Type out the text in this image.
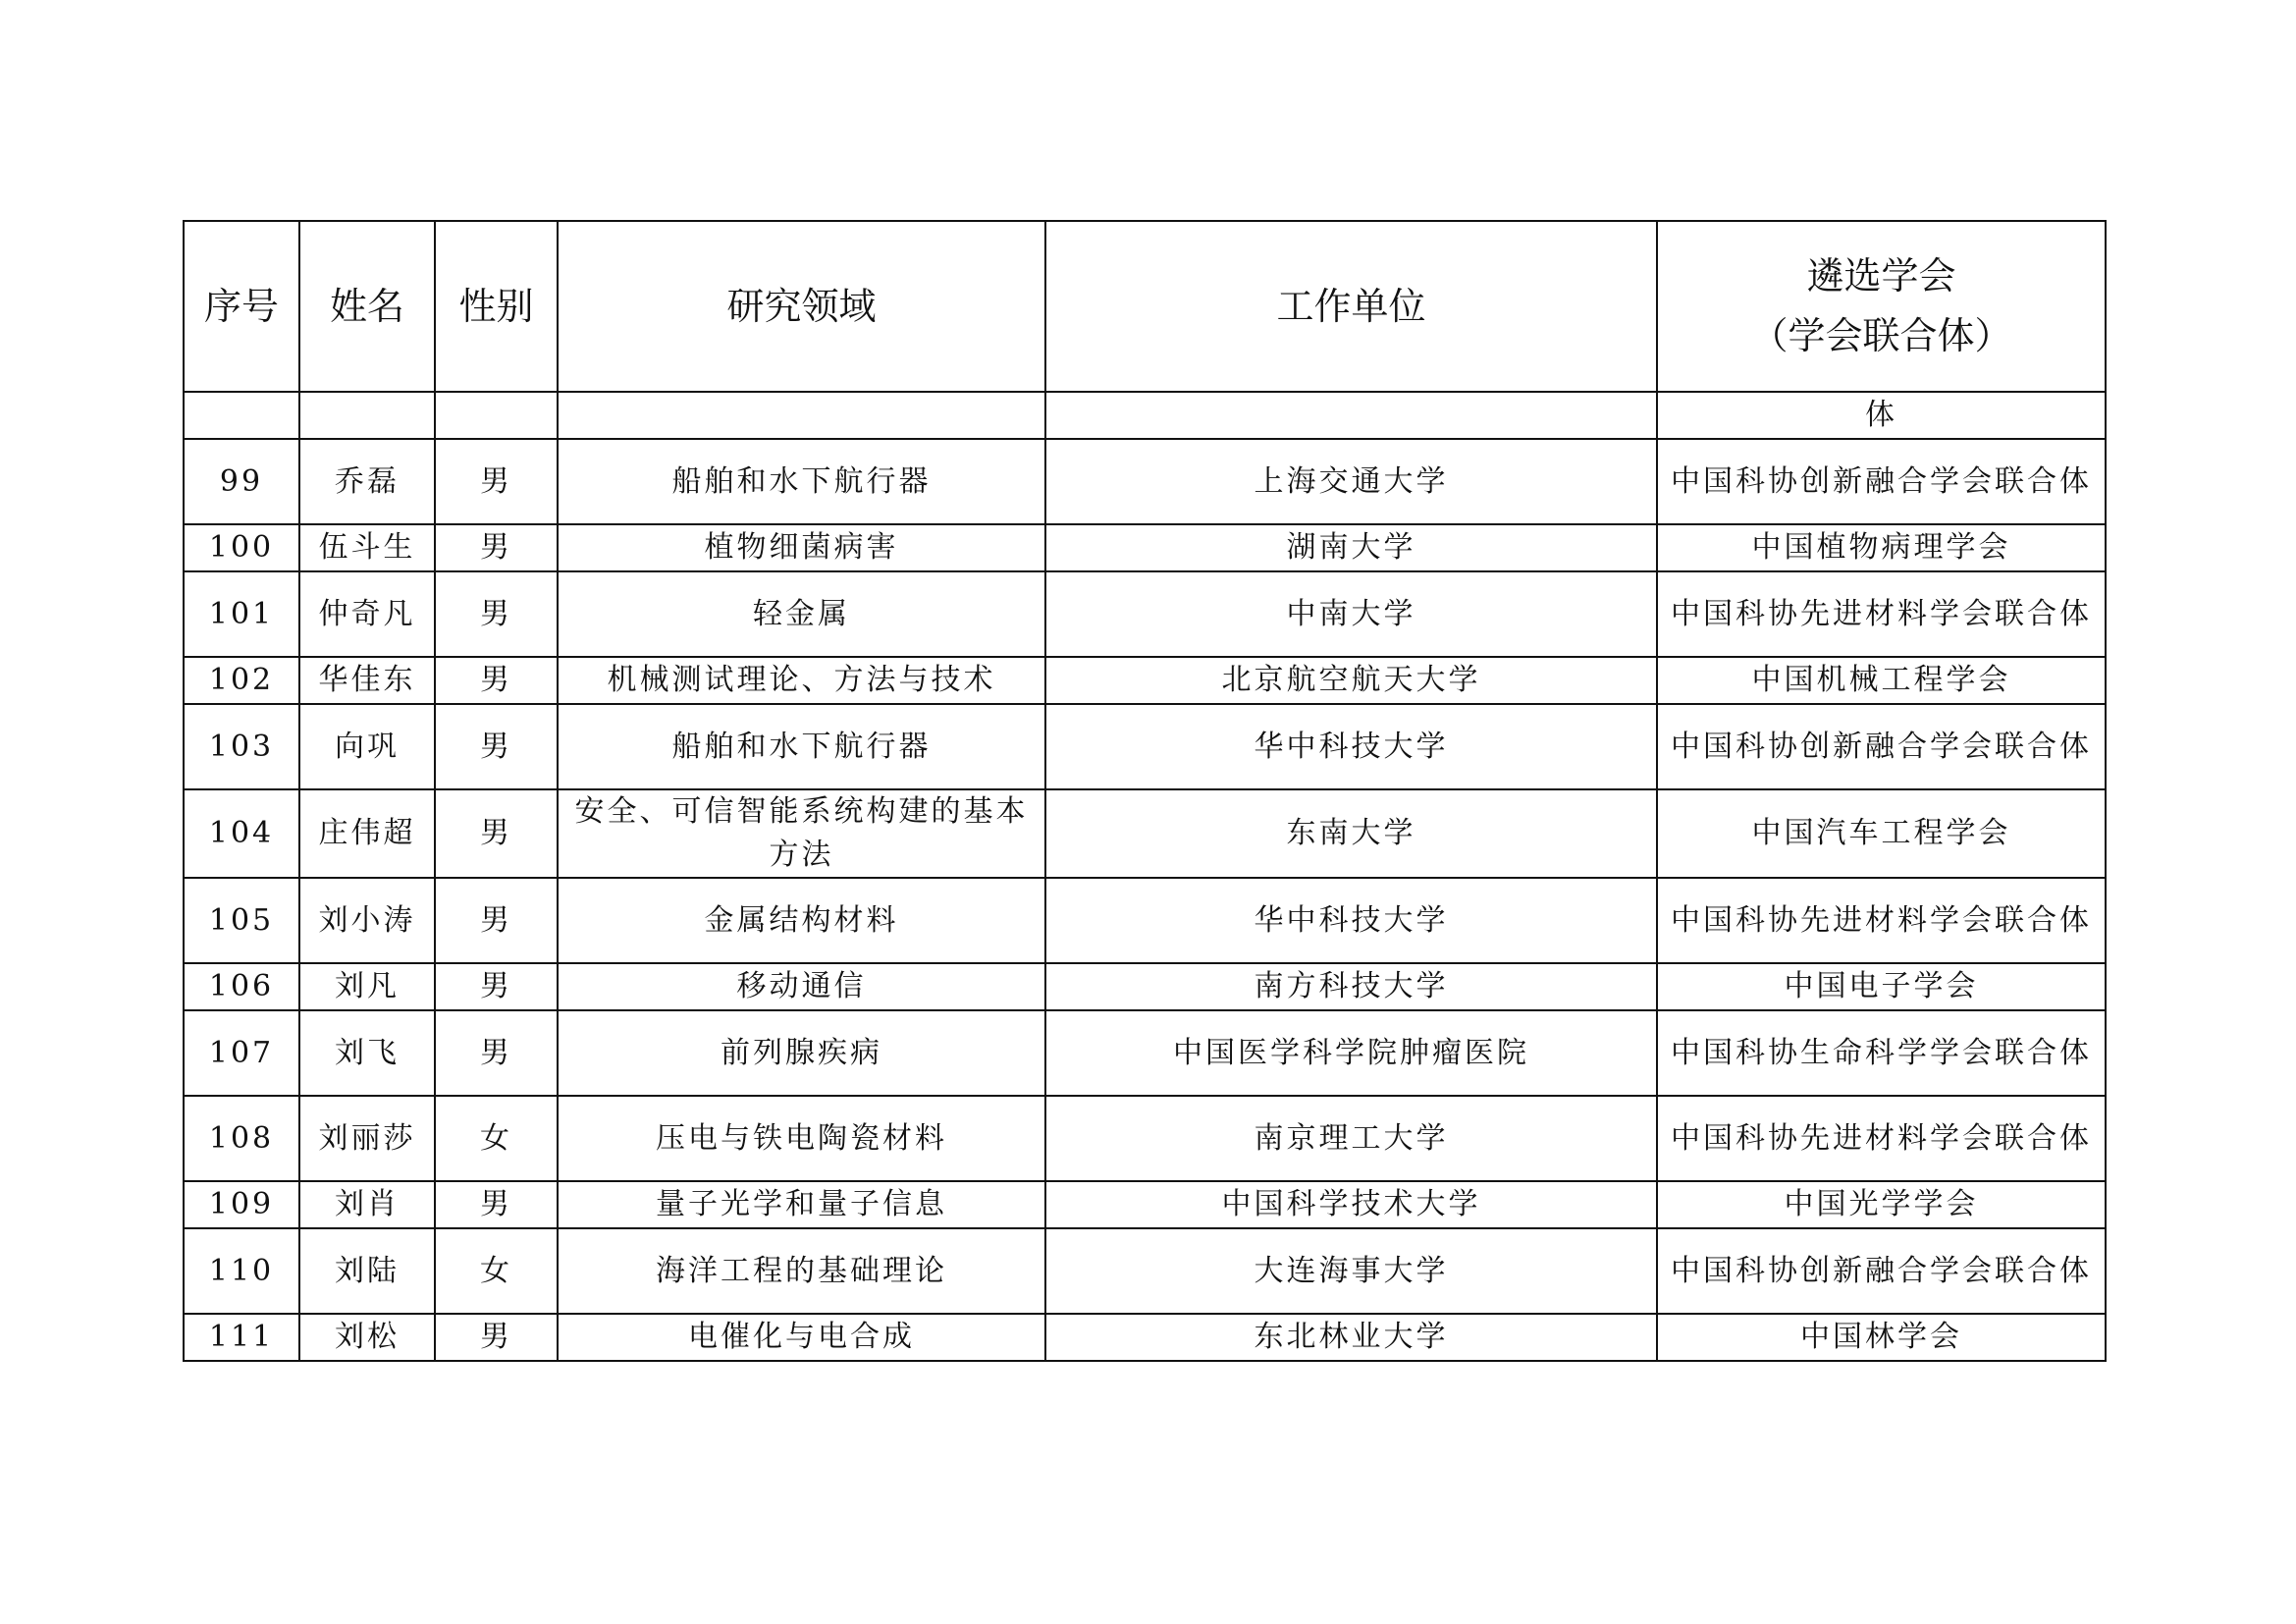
序号	姓名	性别	研究领域	工作单位	遴选学会
（学会联合体）

					体
99	乔磊	男	船舶和水下航行器	上海交通大学	中国科协创新融合学会联合体
100	伍斗生	男	植物细菌病害	湖南大学	中国植物病理学会
101	仲奇凡	男	轻金属	中南大学	中国科协先进材料学会联合体
102	华佳东	男	机械测试理论、方法与技术	北京航空航天大学	中国机械工程学会
103	向巩	男	船舶和水下航行器	华中科技大学	中国科协创新融合学会联合体
104	庄伟超	男	安全、可信智能系统构建的基本方法	东南大学	中国汽车工程学会
105	刘小涛	男	金属结构材料	华中科技大学	中国科协先进材料学会联合体
106	刘凡	男	移动通信	南方科技大学	中国电子学会
107	刘飞	男	前列腺疾病	中国医学科学院肿瘤医院	中国科协生命科学学会联合体
108	刘丽莎	女	压电与铁电陶瓷材料	南京理工大学	中国科协先进材料学会联合体
109	刘肖	男	量子光学和量子信息	中国科学技术大学	中国光学学会
110	刘陆	女	海洋工程的基础理论	大连海事大学	中国科协创新融合学会联合体
111	刘松	男	电催化与电合成	东北林业大学	中国林学会
